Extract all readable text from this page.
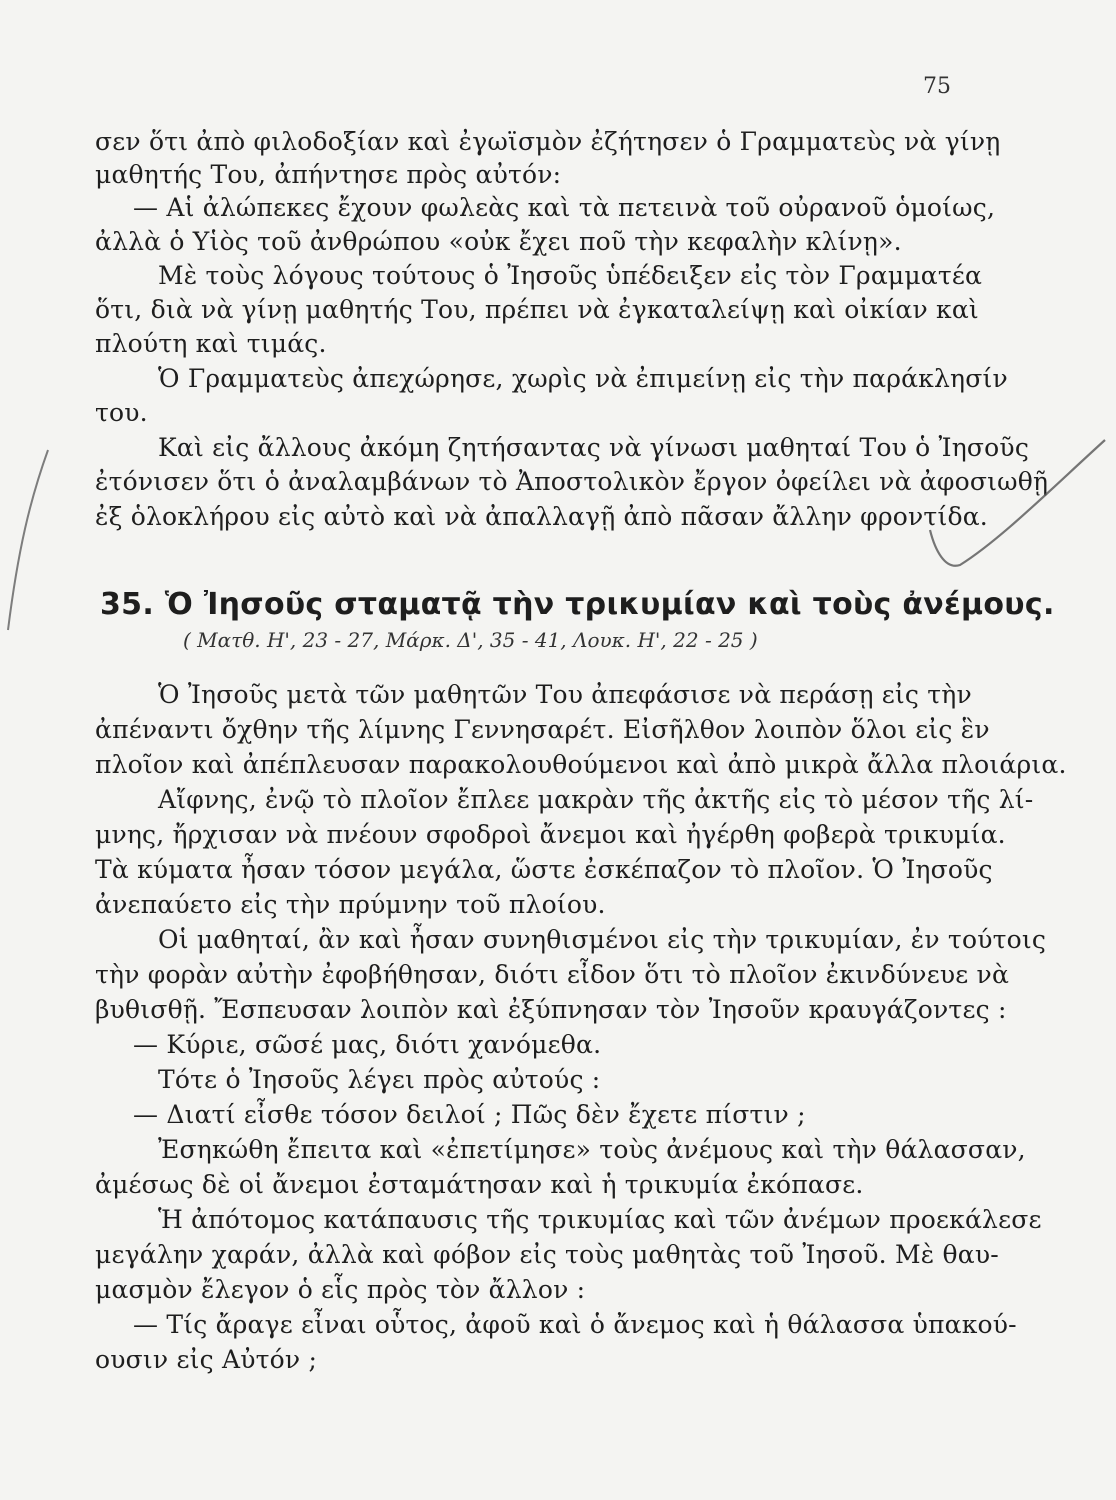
75
σεν ὅτι ἀπὸ φιλοδοξίαν καὶ ἐγωϊσμὸν ἐζήτησεν ὁ Γραμματεὺς νὰ γίνῃ
μαθητής Του, ἀπήντησε πρὸς αὐτόν:
— Αἱ ἀλώπεκες ἔχουν φωλεὰς καὶ τὰ πετεινὰ τοῦ οὐρανοῦ ὁμοίως,
ἀλλὰ ὁ Υἱὸς τοῦ ἀνθρώπου «οὐκ ἔχει ποῦ τὴν κεφαλὴν κλίνῃ».
Μὲ τοὺς λόγους τούτους ὁ Ἰησοῦς ὑπέδειξεν εἰς τὸν Γραμματέα
ὅτι, διὰ νὰ γίνῃ μαθητής Του, πρέπει νὰ ἐγκαταλείψῃ καὶ οἰκίαν καὶ
πλούτη καὶ τιμάς.
Ὁ Γραμματεὺς ἀπεχώρησε, χωρὶς νὰ ἐπιμείνῃ εἰς τὴν παράκλησίν
του.
Καὶ εἰς ἄλλους ἀκόμη ζητήσαντας νὰ γίνωσι μαθηταί Του ὁ Ἰησοῦς
ἐτόνισεν ὅτι ὁ ἀναλαμβάνων τὸ Ἀποστολικὸν ἔργον ὀφείλει νὰ ἀφοσιωθῇ
ἐξ ὁλοκλήρου εἰς αὐτὸ καὶ νὰ ἀπαλλαγῇ ἀπὸ πᾶσαν ἄλλην φροντίδα.
35. Ὁ Ἰησοῦς σταματᾷ τὴν τρικυμίαν καὶ τοὺς ἀνέμους.
( Ματθ. Η', 23 - 27, Μάρκ. Δ', 35 - 41, Λουκ. Η', 22 - 25 )
Ὁ Ἰησοῦς μετὰ τῶν μαθητῶν Του ἀπεφάσισε νὰ περάσῃ εἰς τὴν
ἀπέναντι ὄχθην τῆς λίμνης Γεννησαρέτ. Εἰσῆλθον λοιπὸν ὅλοι εἰς ἓν
πλοῖον καὶ ἀπέπλευσαν παρακολουθούμενοι καὶ ἀπὸ μικρὰ ἄλλα πλοιάρια.
Αἴφνης, ἐνῷ τὸ πλοῖον ἔπλεε μακρὰν τῆς ἀκτῆς εἰς τὸ μέσον τῆς λί-
μνης, ἤρχισαν νὰ πνέουν σφοδροὶ ἄνεμοι καὶ ἠγέρθη φοβερὰ τρικυμία.
Τὰ κύματα ἦσαν τόσον μεγάλα, ὥστε ἐσκέπαζον τὸ πλοῖον. Ὁ Ἰησοῦς
ἀνεπαύετο εἰς τὴν πρύμνην τοῦ πλοίου.
Οἱ μαθηταί, ἂν καὶ ἦσαν συνηθισμένοι εἰς τὴν τρικυμίαν, ἐν τούτοις
τὴν φορὰν αὐτὴν ἐφοβήθησαν, διότι εἶδον ὅτι τὸ πλοῖον ἐκινδύνευε νὰ
βυθισθῇ. Ἔσπευσαν λοιπὸν καὶ ἐξύπνησαν τὸν Ἰησοῦν κραυγάζοντες :
— Κύριε, σῶσέ μας, διότι χανόμεθα.
Τότε ὁ Ἰησοῦς λέγει πρὸς αὐτούς :
— Διατί εἶσθε τόσον δειλοί ; Πῶς δὲν ἔχετε πίστιν ;
Ἐσηκώθη ἔπειτα καὶ «ἐπετίμησε» τοὺς ἀνέμους καὶ τὴν θάλασσαν,
ἀμέσως δὲ οἱ ἄνεμοι ἐσταμάτησαν καὶ ἡ τρικυμία ἐκόπασε.
Ἡ ἀπότομος κατάπαυσις τῆς τρικυμίας καὶ τῶν ἀνέμων προεκάλεσε
μεγάλην χαράν, ἀλλὰ καὶ φόβον εἰς τοὺς μαθητὰς τοῦ Ἰησοῦ. Μὲ θαυ-
μασμὸν ἔλεγον ὁ εἷς πρὸς τὸν ἄλλον :
— Τίς ἄραγε εἶναι οὗτος, ἀφοῦ καὶ ὁ ἄνεμος καὶ ἡ θάλασσα ὑπακού-
ουσιν εἰς Αὐτόν ;
